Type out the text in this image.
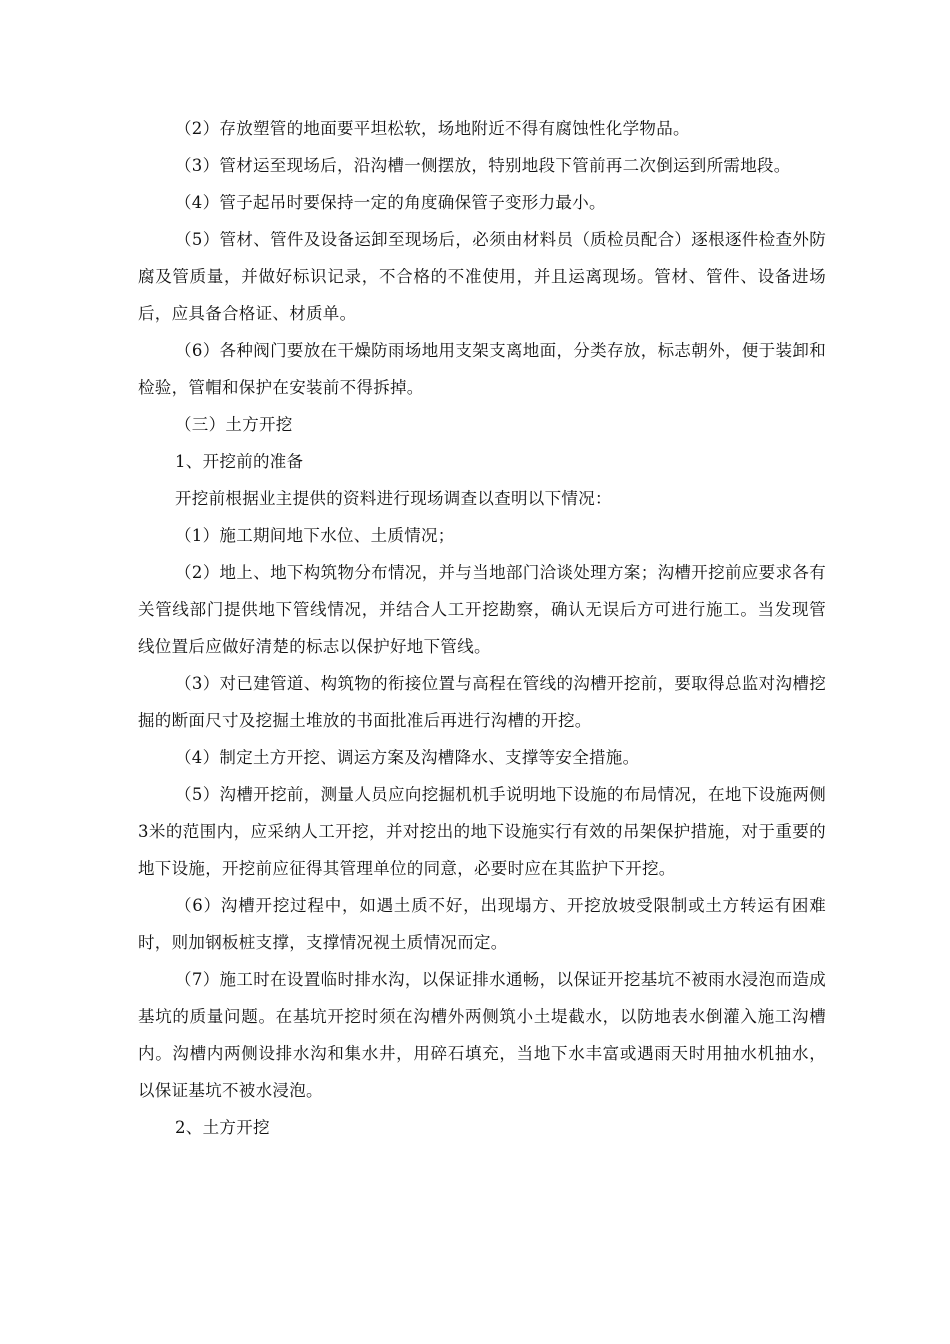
（2）存放塑管的地面要平坦松软，场地附近不得有腐蚀性化学物品。

（3）管材运至现场后，沿沟槽一侧摆放，特别地段下管前再二次倒运到所需地段。

（4）管子起吊时要保持一定的角度确保管子变形力最小。

（5）管材、管件及设备运卸至现场后，必须由材料员（质检员配合）逐根逐件检查外防腐及管质量，并做好标识记录，不合格的不准使用，并且运离现场。管材、管件、设备进场后，应具备合格证、材质单。

（6）各种阀门要放在干燥防雨场地用支架支离地面，分类存放，标志朝外，便于装卸和检验，管帽和保护在安装前不得拆掉。

（三）土方开挖

1、开挖前的准备

开挖前根据业主提供的资料进行现场调查以查明以下情况：

（1）施工期间地下水位、土质情况；

（2）地上、地下构筑物分布情况，并与当地部门洽谈处理方案；沟槽开挖前应要求各有关管线部门提供地下管线情况，并结合人工开挖勘察，确认无误后方可进行施工。当发现管线位置后应做好清楚的标志以保护好地下管线。

（3）对已建管道、构筑物的衔接位置与高程在管线的沟槽开挖前，要取得总监对沟槽挖掘的断面尺寸及挖掘土堆放的书面批准后再进行沟槽的开挖。

（4）制定土方开挖、调运方案及沟槽降水、支撑等安全措施。

（5）沟槽开挖前，测量人员应向挖掘机机手说明地下设施的布局情况，在地下设施两侧3米的范围内，应采纳人工开挖，并对挖出的地下设施实行有效的吊架保护措施，对于重要的地下设施，开挖前应征得其管理单位的同意，必要时应在其监护下开挖。

（6）沟槽开挖过程中，如遇土质不好，出现塌方、开挖放坡受限制或土方转运有困难时，则加钢板桩支撑，支撑情况视土质情况而定。

（7）施工时在设置临时排水沟，以保证排水通畅，以保证开挖基坑不被雨水浸泡而造成基坑的质量问题。在基坑开挖时须在沟槽外两侧筑小土堤截水，以防地表水倒灌入施工沟槽内。沟槽内两侧设排水沟和集水井，用碎石填充，当地下水丰富或遇雨天时用抽水机抽水，以保证基坑不被水浸泡。

2、土方开挖
